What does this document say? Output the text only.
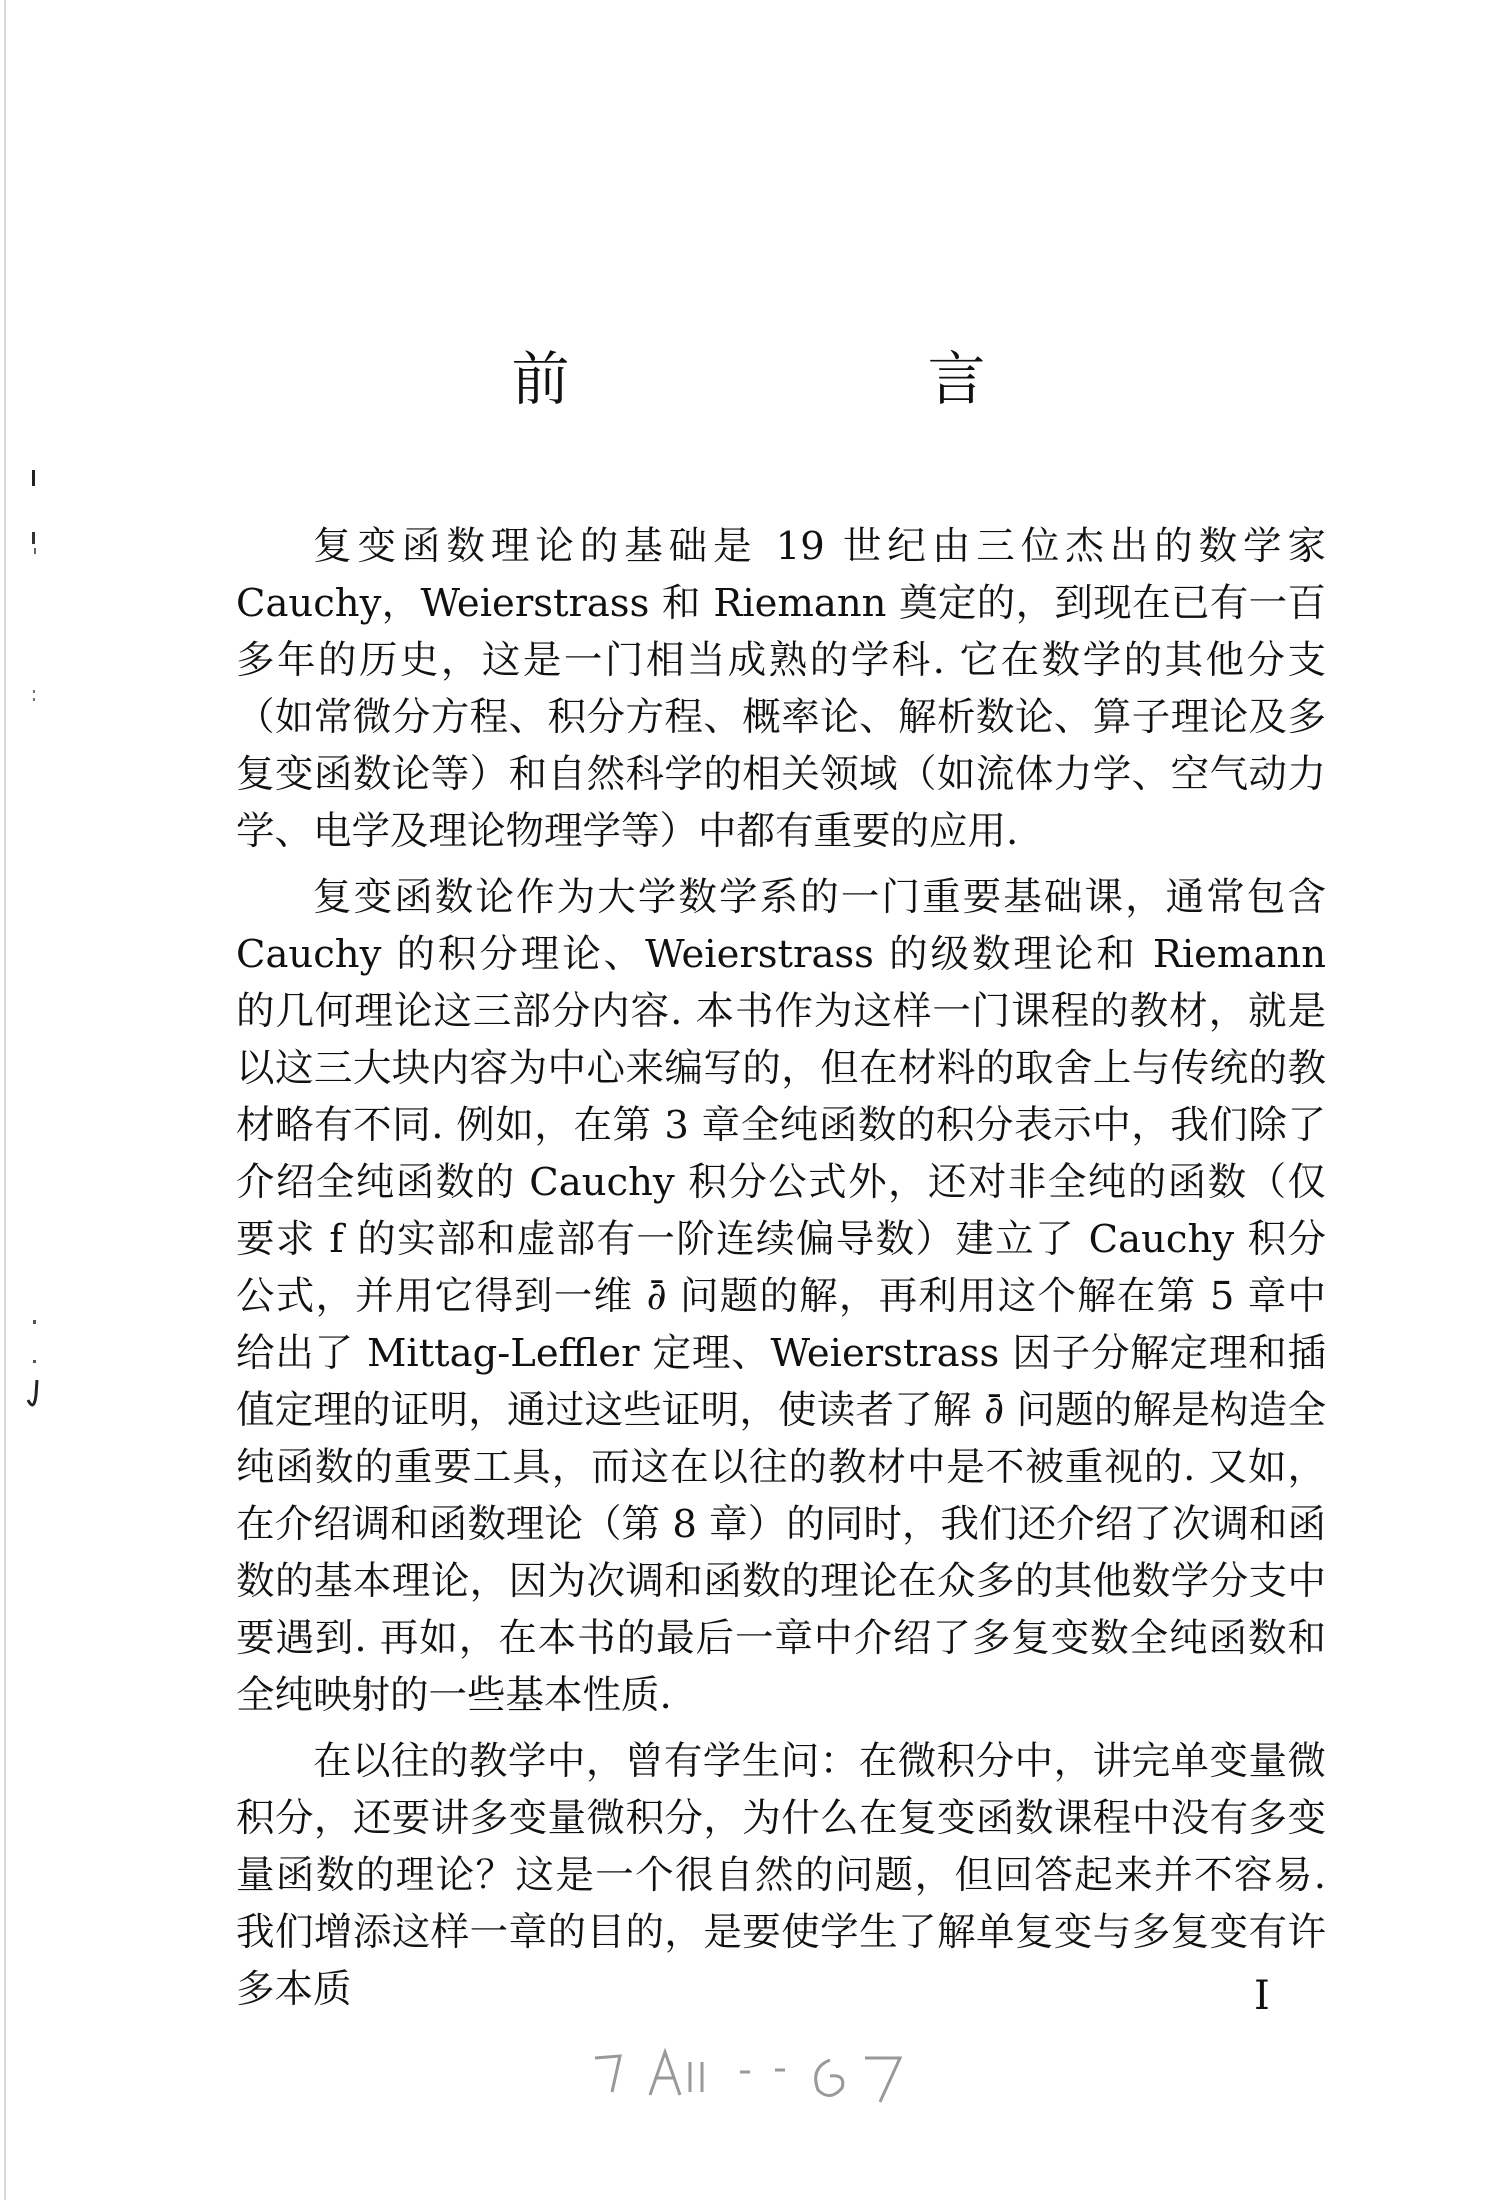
前　言

复变函数理论的基础是 19 世纪由三位杰出的数学家 Cauchy，Weierstrass 和 Riemann 奠定的，到现在已有一百多年的历史，这是一门相当成熟的学科. 它在数学的其他分支（如常微分方程、积分方程、概率论、解析数论、算子理论及多复变函数论等）和自然科学的相关领域（如流体力学、空气动力学、电学及理论物理学等）中都有重要的应用.

复变函数论作为大学数学系的一门重要基础课，通常包含 Cauchy 的积分理论、Weierstrass 的级数理论和 Riemann 的几何理论这三部分内容. 本书作为这样一门课程的教材，就是以这三大块内容为中心来编写的，但在材料的取舍上与传统的教材略有不同. 例如，在第 3 章全纯函数的积分表示中，我们除了介绍全纯函数的 Cauchy 积分公式外，还对非全纯的函数（仅要求 f 的实部和虚部有一阶连续偏导数）建立了 Cauchy 积分公式，并用它得到一维 ∂̄ 问题的解，再利用这个解在第 5 章中给出了 Mittag-Leffler 定理、Weierstrass 因子分解定理和插值定理的证明，通过这些证明，使读者了解 ∂̄ 问题的解是构造全纯函数的重要工具，而这在以往的教材中是不被重视的. 又如，在介绍调和函数理论（第 8 章）的同时，我们还介绍了次调和函数的基本理论，因为次调和函数的理论在众多的其他数学分支中要遇到. 再如，在本书的最后一章中介绍了多复变数全纯函数和全纯映射的一些基本性质.

在以往的教学中，曾有学生问：在微积分中，讲完单变量微积分，还要讲多变量微积分，为什么在复变函数课程中没有多变量函数的理论？这是一个很自然的问题，但回答起来并不容易. 我们增添这样一章的目的，是要使学生了解单复变与多复变有许多本质	I
